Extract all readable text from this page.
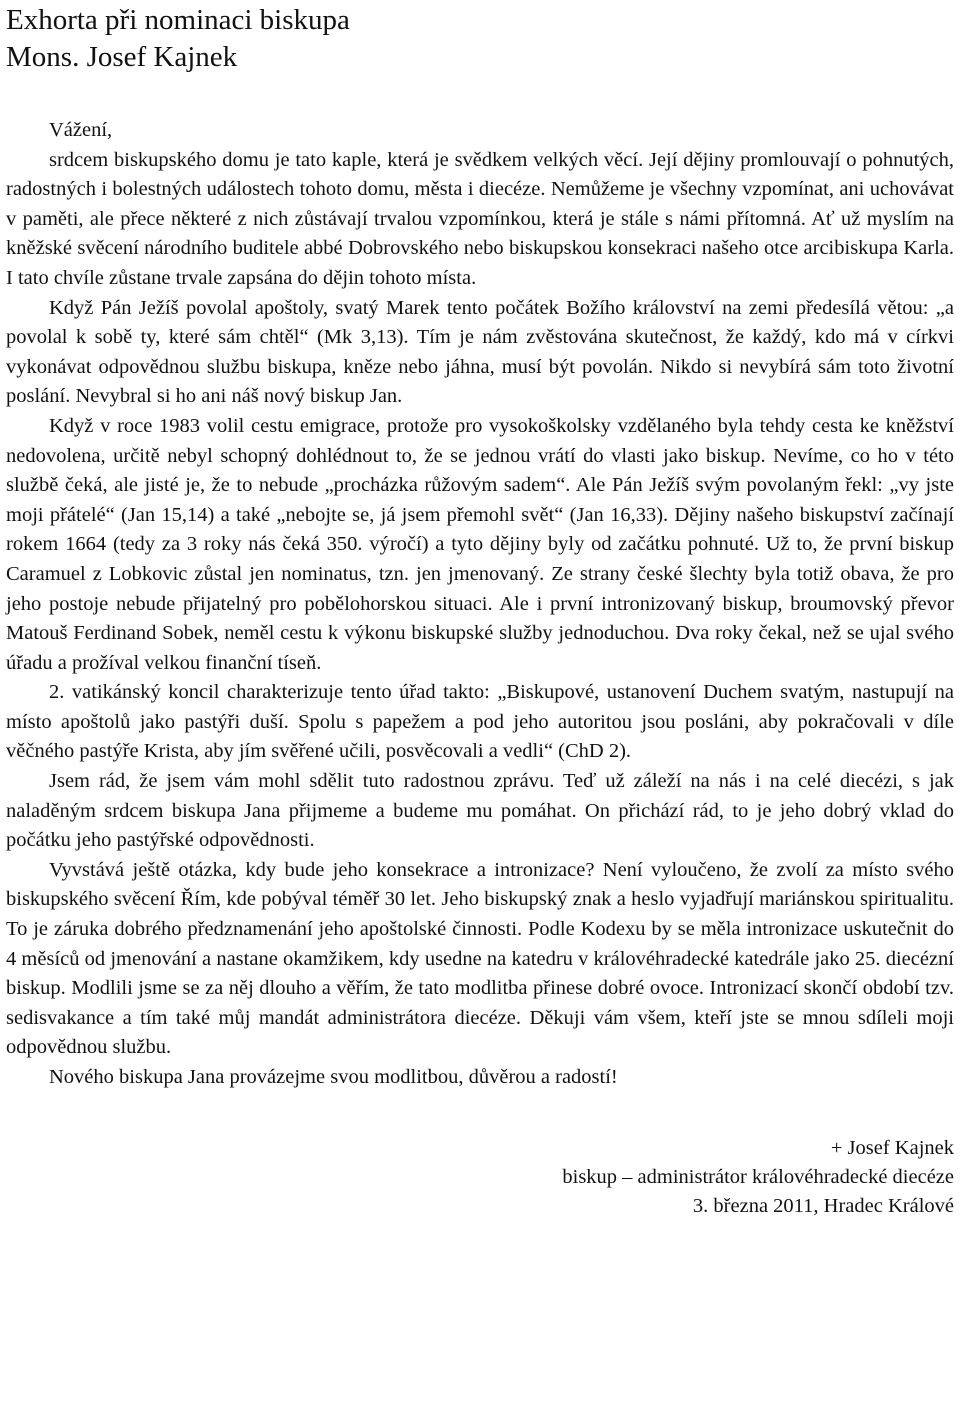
Exhorta při nominaci biskupa
Mons. Josef Kajnek
Vážení,

srdcem biskupského domu je tato kaple, která je svědkem velkých věcí. Její dějiny promlouvají o pohnutých, radostných i bolestných událostech tohoto domu, města i diecéze. Nemůžeme je všechny vzpomínat, ani uchovávat v paměti, ale přece některé z nich zůstávají trvalou vzpomínkou, která je stále s námi přítomná. Ať už myslím na kněžské svěcení národního buditele abbé Dobrovského nebo biskupskou konsekraci našeho otce arcibiskupa Karla. I tato chvíle zůstane trvale zapsána do dějin tohoto místa.

Když Pán Ježíš povolal apoštoly, svatý Marek tento počátek Božího království na zemi předesílá větou: „a povolal k sobě ty, které sám chtěl“ (Mk 3,13). Tím je nám zvěstována skutečnost, že každý, kdo má v církvi vykonávat odpovědnou službu biskupa, kněze nebo jáhna, musí být povolán. Nikdo si nevybírá sám toto životní poslání. Nevybral si ho ani náš nový biskup Jan.

Když v roce 1983 volil cestu emigrace, protože pro vysokoškolsky vzdělaného byla tehdy cesta ke kněžství nedovolena, určitě nebyl schopný dohlédnout to, že se jednou vrátí do vlasti jako biskup. Nevíme, co ho v této službě čeká, ale jisté je, že to nebude „procházka růžovým sadem“. Ale Pán Ježíš svým povolaným řekl: „vy jste moji přátelé“ (Jan 15,14) a také „nebojte se, já jsem přemohl svět“ (Jan 16,33). Dějiny našeho biskupství začínají rokem 1664 (tedy za 3 roky nás čeká 350. výročí) a tyto dějiny byly od začátku pohnuté. Už to, že první biskup Caramuel z Lobkovic zůstal jen nominatus, tzn. jen jmenovaný. Ze strany české šlechty byla totiž obava, že pro jeho postoje nebude přijatelný pro pobělohorskou situaci. Ale i první intronizovaný biskup, broumovský převor Matouš Ferdinand Sobek, neměl cestu k výkonu biskupské služby jednoduchou. Dva roky čekal, než se ujal svého úřadu a prožíval velkou finanční tíseň.

2. vatikánský koncil charakterizuje tento úřad takto: „Biskupové, ustanovení Duchem svatým, nastupují na místo apoštolů jako pastýři duší. Spolu s papežem a pod jeho autoritou jsou posláni, aby pokračovali v díle věčného pastýře Krista, aby jím svěřené učili, posvěcovali a vedli“ (ChD 2).

Jsem rád, že jsem vám mohl sdělit tuto radostnou zprávu. Teď už záleží na nás i na celé diecézi, s jak naladěným srdcem biskupa Jana přijmeme a budeme mu pomáhat. On přichází rád, to je jeho dobrý vklad do počátku jeho pastýřské odpovědnosti.

Vyvstává ještě otázka, kdy bude jeho konsekrace a intronizace? Není vyloučeno, že zvolí za místo svého biskupského svěcení Řím, kde pobýval téměř 30 let. Jeho biskupský znak a heslo vyjadřují mariánskou spiritualitu. To je záruka dobrého předznamenání jeho apoštolské činnosti. Podle Kodexu by se měla intronizace uskutečnit do 4 měsíců od jmenování a nastane okamžikem, kdy usedne na katedru v královéhradecké katedrále jako 25. diecézní biskup. Modlili jsme se za něj dlouho a věřím, že tato modlitba přinese dobré ovoce. Intronizací skončí období tzv. sedisvakance a tím také můj mandát administrátora diecéze. Děkuji vám všem, kteří jste se mnou sdíleli moji odpovědnou službu.

Nového biskupa Jana provázejme svou modlitbou, důvěrou a radostí!

+ Josef Kajnek
biskup – administrátor královéhradecké diecéze
3. března 2011, Hradec Králové
